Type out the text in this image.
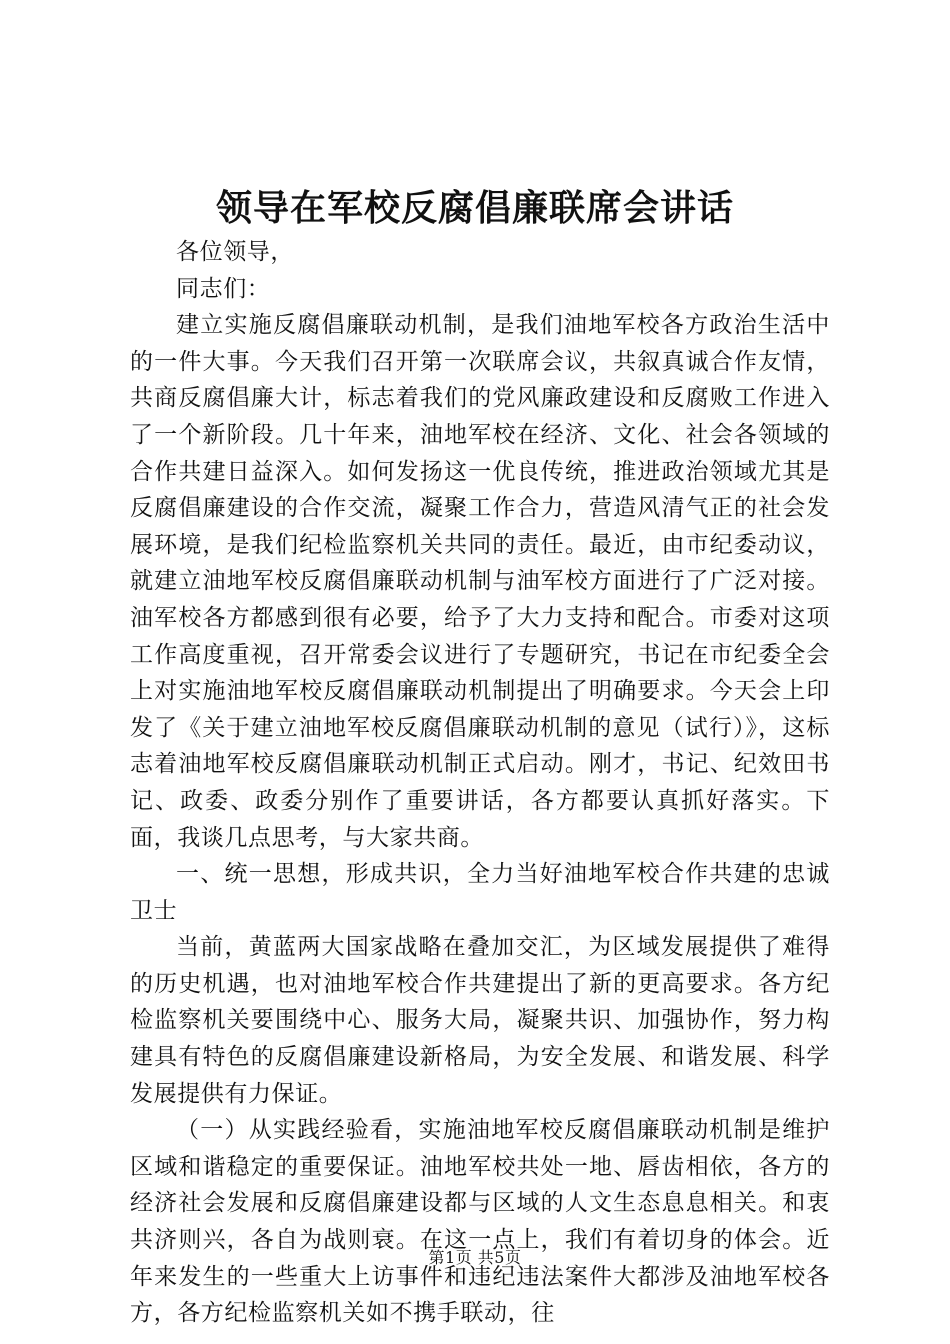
领导在军校反腐倡廉联席会讲话

各位领导，

同志们：

建立实施反腐倡廉联动机制，是我们油地军校各方政治生活中的一件大事。今天我们召开第一次联席会议，共叙真诚合作友情，共商反腐倡廉大计，标志着我们的党风廉政建设和反腐败工作进入了一个新阶段。几十年来，油地军校在经济、文化、社会各领域的合作共建日益深入。如何发扬这一优良传统，推进政治领域尤其是反腐倡廉建设的合作交流，凝聚工作合力，营造风清气正的社会发展环境，是我们纪检监察机关共同的责任。最近，由市纪委动议，就建立油地军校反腐倡廉联动机制与油军校方面进行了广泛对接。油军校各方都感到很有必要，给予了大力支持和配合。市委对这项工作高度重视，召开常委会议进行了专题研究，书记在市纪委全会上对实施油地军校反腐倡廉联动机制提出了明确要求。今天会上印发了《关于建立油地军校反腐倡廉联动机制的意见（试行）》，这标志着油地军校反腐倡廉联动机制正式启动。刚才，书记、纪效田书记、政委、政委分别作了重要讲话，各方都要认真抓好落实。下面，我谈几点思考，与大家共商。

一、统一思想，形成共识，全力当好油地军校合作共建的忠诚卫士

当前，黄蓝两大国家战略在叠加交汇，为区域发展提供了难得的历史机遇，也对油地军校合作共建提出了新的更高要求。各方纪检监察机关要围绕中心、服务大局，凝聚共识、加强协作，努力构建具有特色的反腐倡廉建设新格局，为安全发展、和谐发展、科学发展提供有力保证。

（一）从实践经验看，实施油地军校反腐倡廉联动机制是维护区域和谐稳定的重要保证。油地军校共处一地、唇齿相依，各方的经济社会发展和反腐倡廉建设都与区域的人文生态息息相关。和衷共济则兴，各自为战则衰。在这一点上，我们有着切身的体会。近年来发生的一些重大上访事件和违纪违法案件大都涉及油地军校各方，各方纪检监察机关如不携手联动，往

第1页 共5页
